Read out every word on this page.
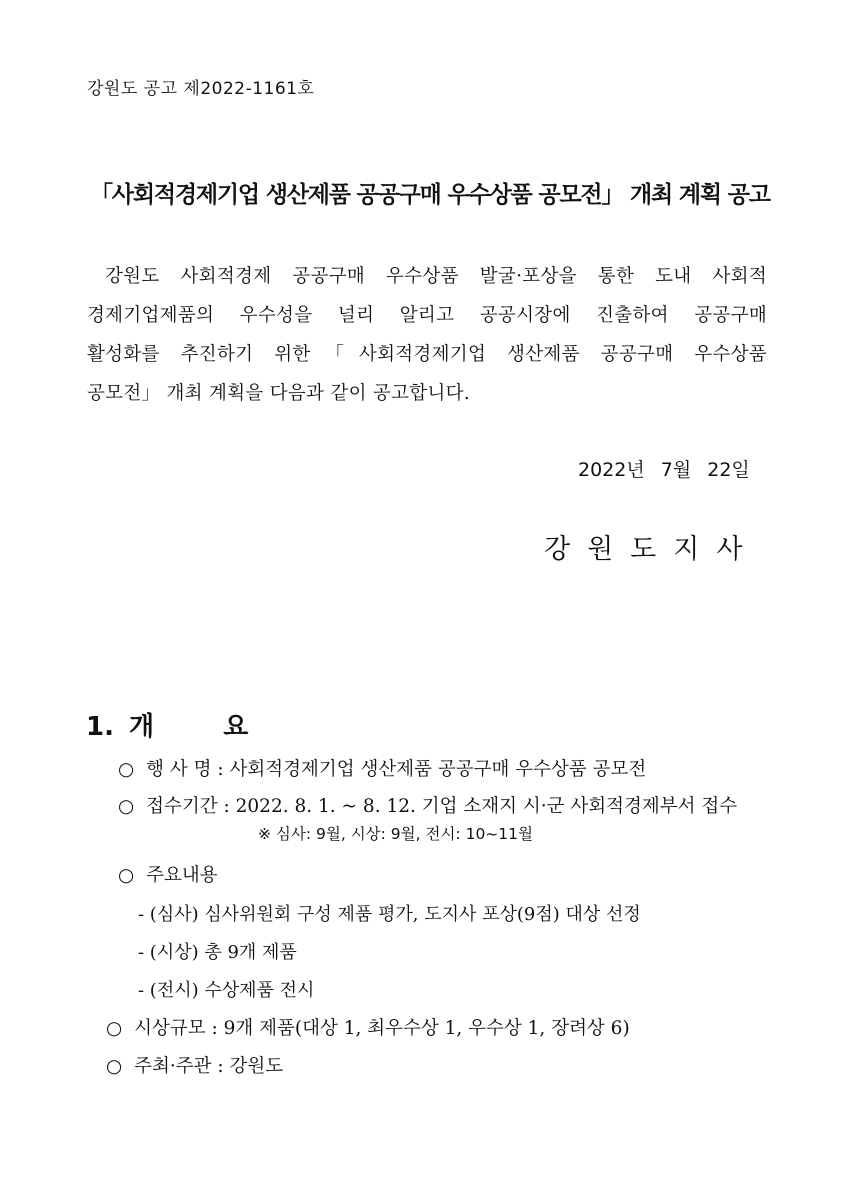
강원도 공고 제2022-1161호
「사회적경제기업 생산제품 공공구매 우수상품 공모전」 개최 계획 공고
강원도 사회적경제 공공구매 우수상품 발굴·포상을 통한 도내 사회적
경제기업제품의 우수성을 널리 알리고 공공시장에 진출하여 공공구매
활성화를 추진하기 위한「사회적경제기업 생산제품 공공구매 우수상품
공모전」 개최 계획을 다음과 같이 공고합니다.
2022년 7월 22일
강원도지사
1. 개 요
○ 행 사 명 : 사회적경제기업 생산제품 공공구매 우수상품 공모전
○ 접수기간 : 2022. 8. 1. ~ 8. 12. 기업 소재지 시·군 사회적경제부서 접수
※ 심사: 9월, 시상: 9월, 전시: 10~11월
○ 주요내용
- (심사) 심사위원회 구성 제품 평가, 도지사 포상(9점) 대상 선정
- (시상) 총 9개 제품
- (전시) 수상제품 전시
○ 시상규모 : 9개 제품(대상 1, 최우수상 1, 우수상 1, 장려상 6)
○ 주최·주관 : 강원도
